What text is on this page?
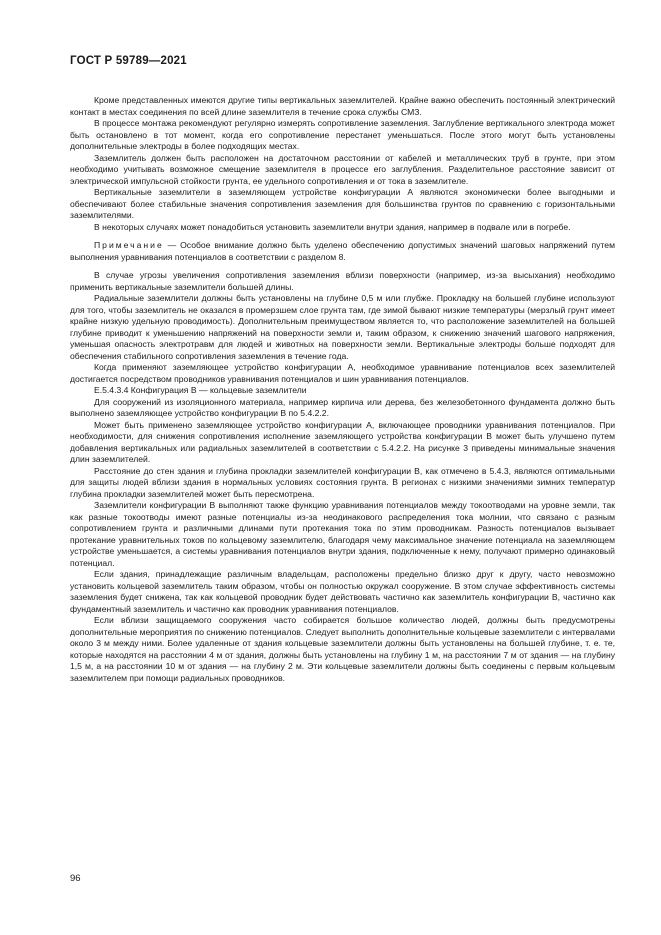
ГОСТ Р 59789—2021

Кроме представленных имеются другие типы вертикальных заземлителей. Крайне важно обеспечить постоянный электрический контакт в местах соединения по всей длине заземлителя в течение срока службы СМЗ.

В процессе монтажа рекомендуют регулярно измерять сопротивление заземления. Заглубление вертикального электрода может быть остановлено в тот момент, когда его сопротивление перестанет уменьшаться. После этого могут быть установлены дополнительные электроды в более подходящих местах.

Заземлитель должен быть расположен на достаточном расстоянии от кабелей и металлических труб в грунте, при этом необходимо учитывать возможное смещение заземлителя в процессе его заглубления. Разделительное расстояние зависит от электрической импульсной стойкости грунта, ее удельного сопротивления и от тока в заземлителе.

Вертикальные заземлители в заземляющем устройстве конфигурации А являются экономически более выгодными и обеспечивают более стабильные значения сопротивления заземления для большинства грунтов по сравнению с горизонтальными заземлителями.

В некоторых случаях может понадобиться установить заземлители внутри здания, например в подвале или в погребе.

Примечание — Особое внимание должно быть уделено обеспечению допустимых значений шаговых напряжений путем выполнения уравнивания потенциалов в соответствии с разделом 8.

В случае угрозы увеличения сопротивления заземления вблизи поверхности (например, из-за высыхания) необходимо применить вертикальные заземлители большей длины.

Радиальные заземлители должны быть установлены на глубине 0,5 м или глубже. Прокладку на большей глубине используют для того, чтобы заземлитель не оказался в промерзшем слое грунта там, где зимой бывают низкие температуры (мерзлый грунт имеет крайне низкую удельную проводимость). Дополнительным преимуществом является то, что расположение заземлителей на большей глубине приводит к уменьшению напряжений на поверхности земли и, таким образом, к снижению значений шагового напряжения, уменьшая опасность электротравм для людей и животных на поверхности земли. Вертикальные электроды больше подходят для обеспечения стабильного сопротивления заземления в течение года.

Когда применяют заземляющее устройство конфигурации А, необходимое уравнивание потенциалов всех заземлителей достигается посредством проводников уравнивания потенциалов и шин уравнивания потенциалов.

Е.5.4.3.4 Конфигурация В — кольцевые заземлители

Для сооружений из изоляционного материала, например кирпича или дерева, без железобетонного фундамента должно быть выполнено заземляющее устройство конфигурации В по 5.4.2.2.

Может быть применено заземляющее устройство конфигурации А, включающее проводники уравнивания потенциалов. При необходимости, для снижения сопротивления исполнение заземляющего устройства конфигурации В может быть улучшено путем добавления вертикальных или радиальных заземлителей в соответствии с 5.4.2.2. На рисунке 3 приведены минимальные значения длин заземлителей.

Расстояние до стен здания и глубина прокладки заземлителей конфигурации В, как отмечено в 5.4.3, являются оптимальными для защиты людей вблизи здания в нормальных условиях состояния грунта. В регионах с низкими значениями зимних температур глубина прокладки заземлителей может быть пересмотрена.

Заземлители конфигурации В выполняют также функцию уравнивания потенциалов между токоотводами на уровне земли, так как разные токоотводы имеют разные потенциалы из-за неодинакового распределения тока молнии, что связано с разным сопротивлением грунта и различными длинами пути протекания тока по этим проводникам. Разность потенциалов вызывает протекание уравнительных токов по кольцевому заземлителю, благодаря чему максимальное значение потенциала на заземляющем устройстве уменьшается, а системы уравнивания потенциалов внутри здания, подключенные к нему, получают примерно одинаковый потенциал.

Если здания, принадлежащие различным владельцам, расположены предельно близко друг к другу, часто невозможно установить кольцевой заземлитель таким образом, чтобы он полностью окружал сооружение. В этом случае эффективность системы заземления будет снижена, так как кольцевой проводник будет действовать частично как заземлитель конфигурации В, частично как фундаментный заземлитель и частично как проводник уравнивания потенциалов.

Если вблизи защищаемого сооружения часто собирается большое количество людей, должны быть предусмотрены дополнительные мероприятия по снижению потенциалов. Следует выполнить дополнительные кольцевые заземлители с интервалами около 3 м между ними. Более удаленные от здания кольцевые заземлители должны быть установлены на большей глубине, т. е. те, которые находятся на расстоянии 4 м от здания, должны быть установлены на глубину 1 м, на расстоянии 7 м от здания — на глубину 1,5 м, а на расстоянии 10 м от здания — на глубину 2 м. Эти кольцевые заземлители должны быть соединены с первым кольцевым заземлителем при помощи радиальных проводников.

96
